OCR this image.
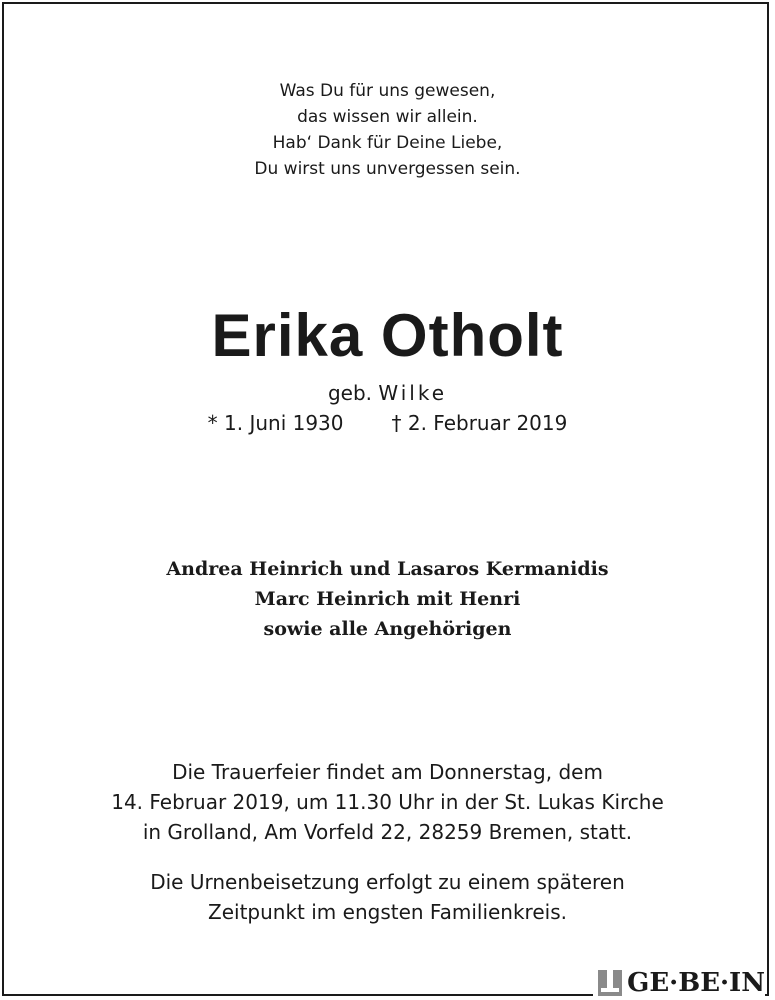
Was Du für uns gewesen,
das wissen wir allein.
Hab‘ Dank für Deine Liebe,
Du wirst uns unvergessen sein.
Erika Otholt
geb. Wilke
* 1. Juni 1930 † 2. Februar 2019
Andrea Heinrich und Lasaros Kermanidis
Marc Heinrich mit Henri
sowie alle Angehörigen
Die Trauerfeier findet am Donnerstag, dem
14. Februar 2019, um 11.30 Uhr in der St. Lukas Kirche
in Grolland, Am Vorfeld 22, 28259 Bremen, statt.
Die Urnenbeisetzung erfolgt zu einem späteren
Zeitpunkt im engsten Familienkreis.
GE·BE·IN
